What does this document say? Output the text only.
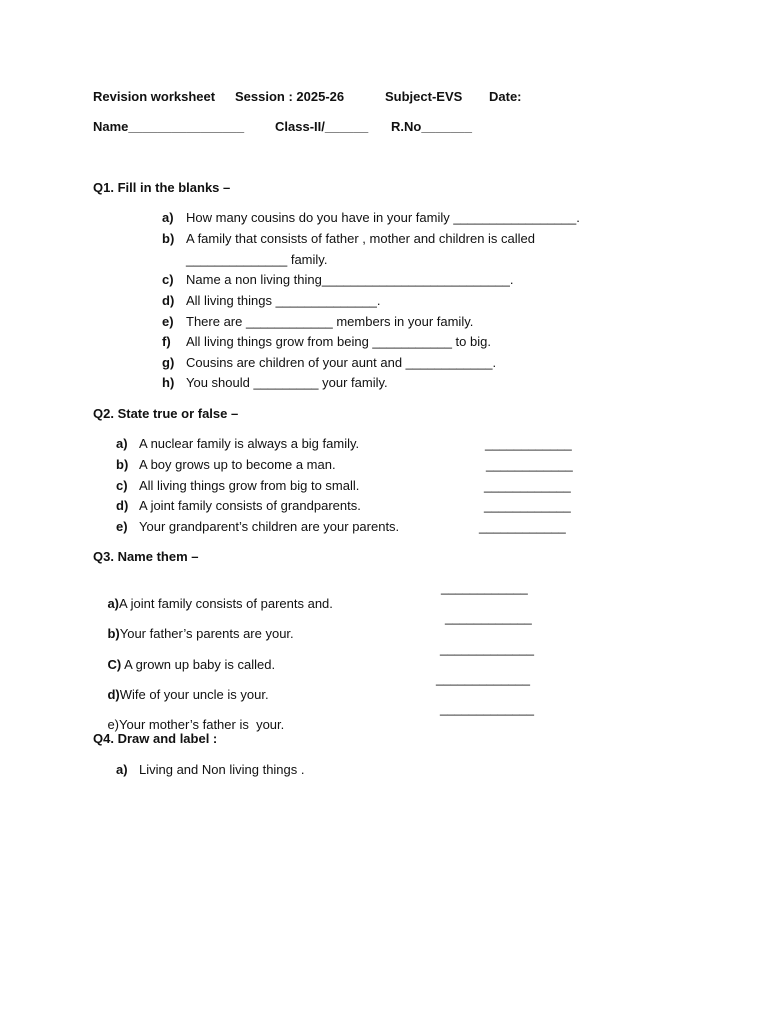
Revision worksheet Session : 2025-26	Subject-EVS Date:
Name________________ Class-II/______ R.No_______
Q1. Fill in the blanks –

a)

How many cousins do you have in your family _________________.

b)

A family that consists of father , mother and children is called

______________ family.

c)

Name a non living thing__________________________.

d)

All living things ______________.

e)

There are ____________ members in your family.

f)

All living things grow from being ___________ to big.

g)

Cousins are children of your aunt and ____________.

h)

You should _________ your family.

Q2. State true or false –

a)

A nuclear family is always a big family.

	____________

b)

A boy grows up to become a man.

	____________

c)

All living things grow from big to small.

	____________

d)

A joint family consists of grandparents.

	____________

e)

Your grandparent’s children are your parents.

	____________
Q3. Name them –

a)A joint family consists of parents and.

____________

b)Your father’s parents are your.

____________

C) A grown up baby is called.

_____________

d)Wife of your uncle is your.

_____________

e)Your mother’s father is  your.

_____________
Q4. Draw and label :

a)

Living and Non living things .
